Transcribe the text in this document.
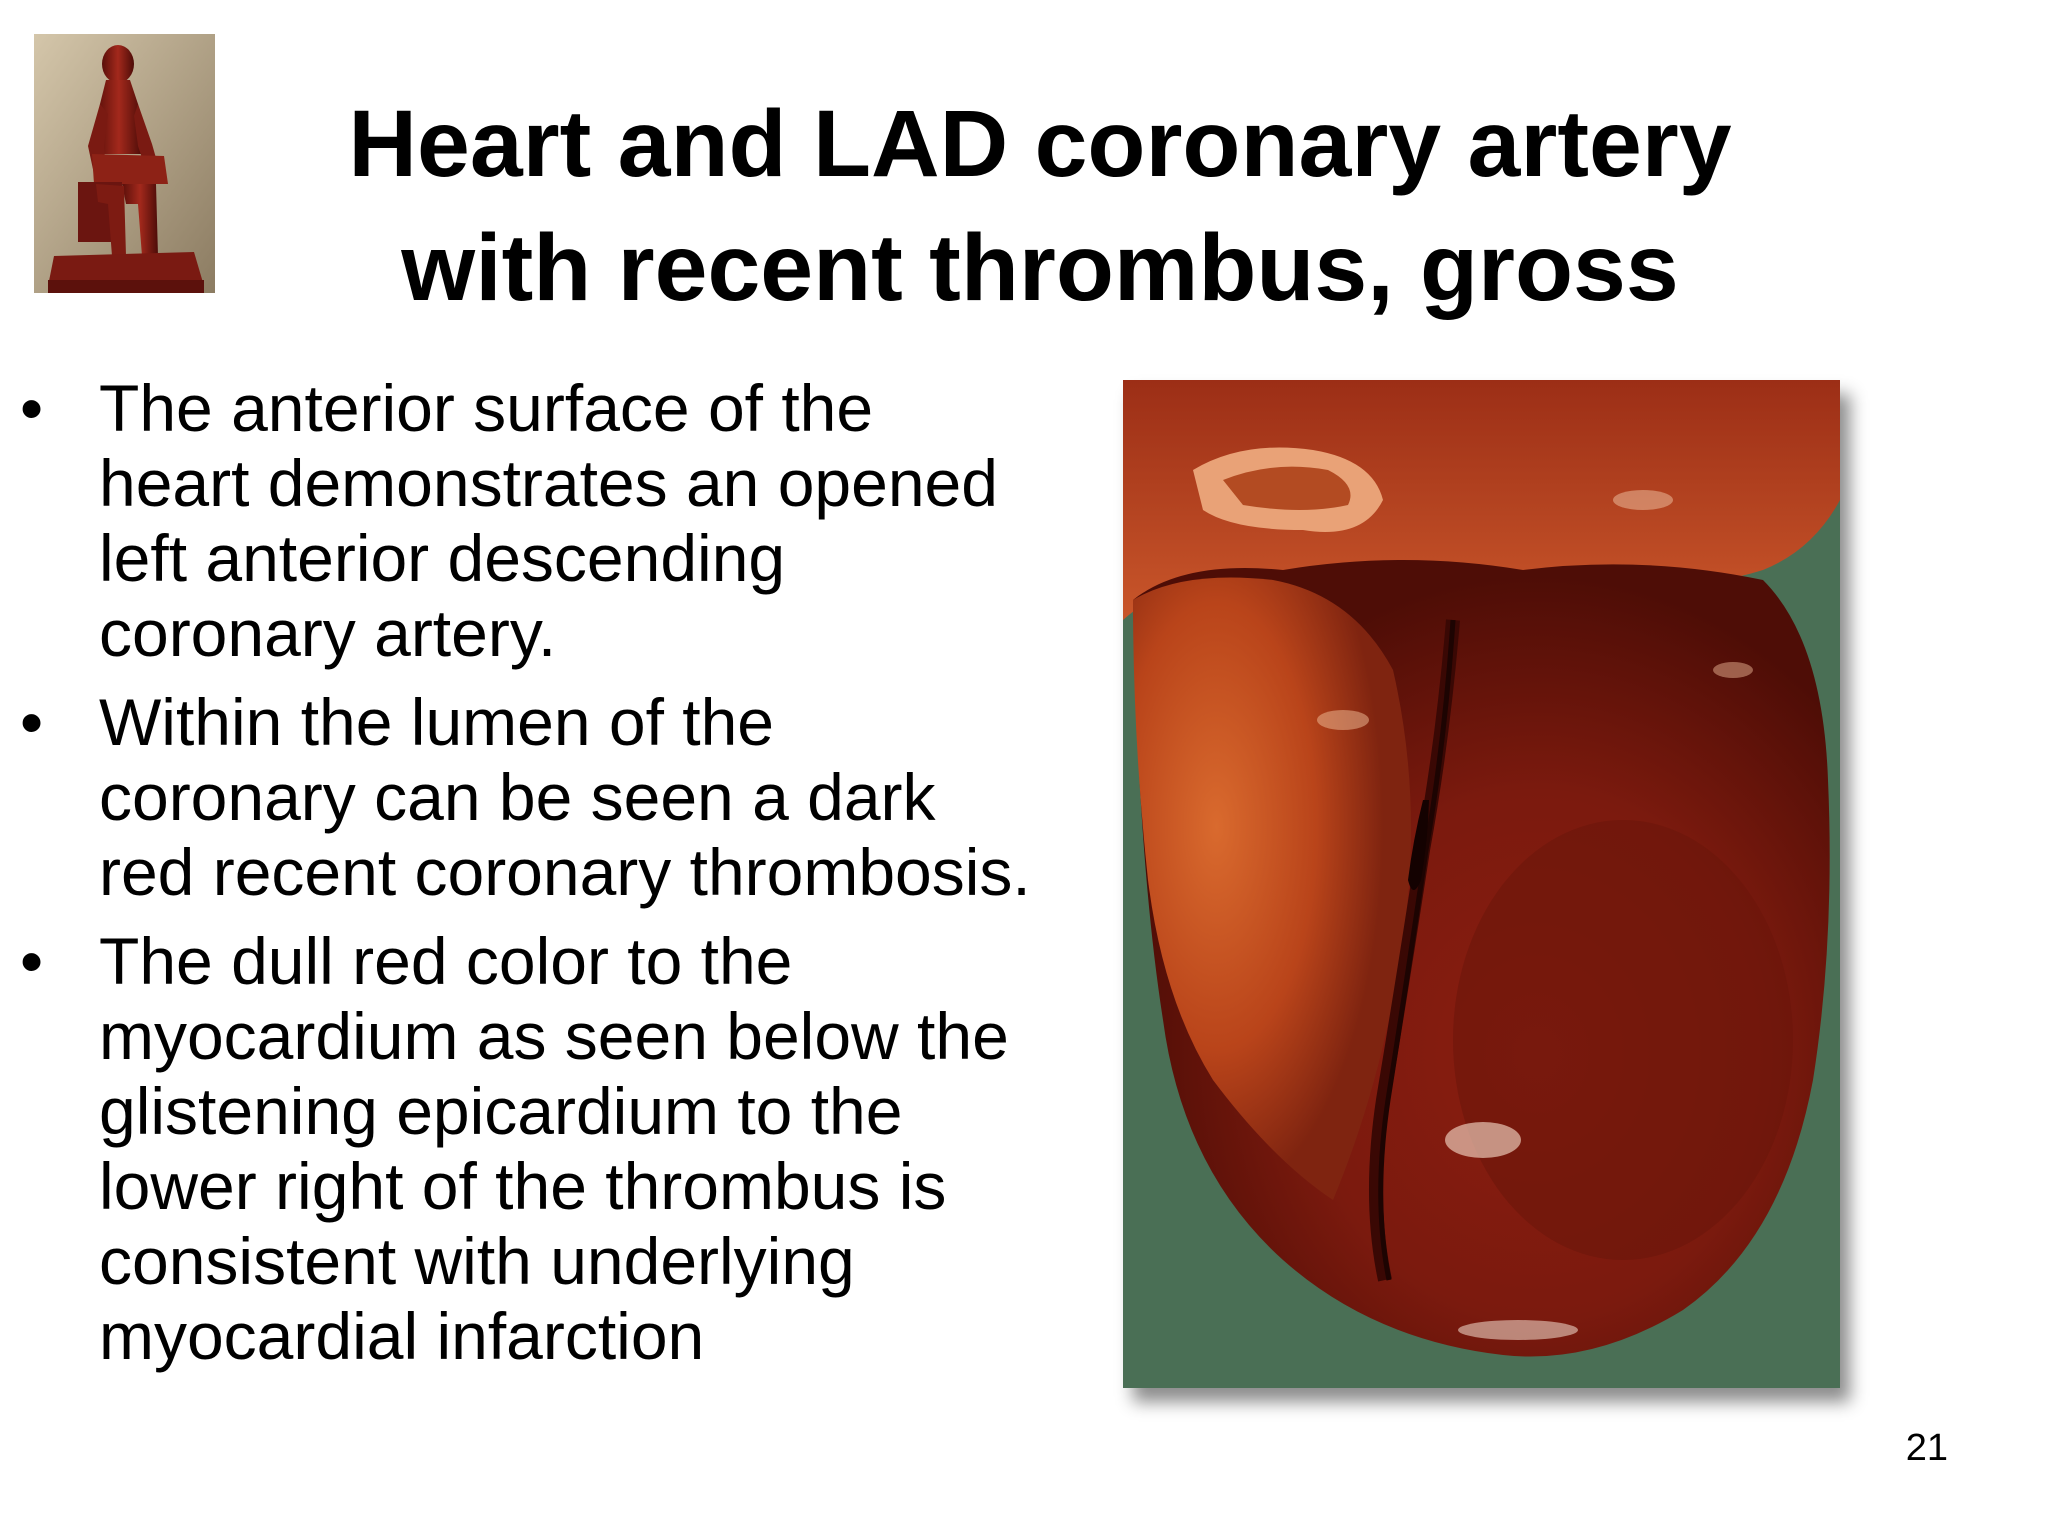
Heart and LAD coronary artery
with recent thrombus, gross
• The anterior surface of the
heart demonstrates an opened
left anterior descending
coronary artery.
• Within the lumen of the
coronary can be seen a dark
red recent coronary thrombosis.
• The dull red color to the
myocardium as seen below the
glistening epicardium to the
lower right of the thrombus is
consistent with underlying
myocardial infarction
21
